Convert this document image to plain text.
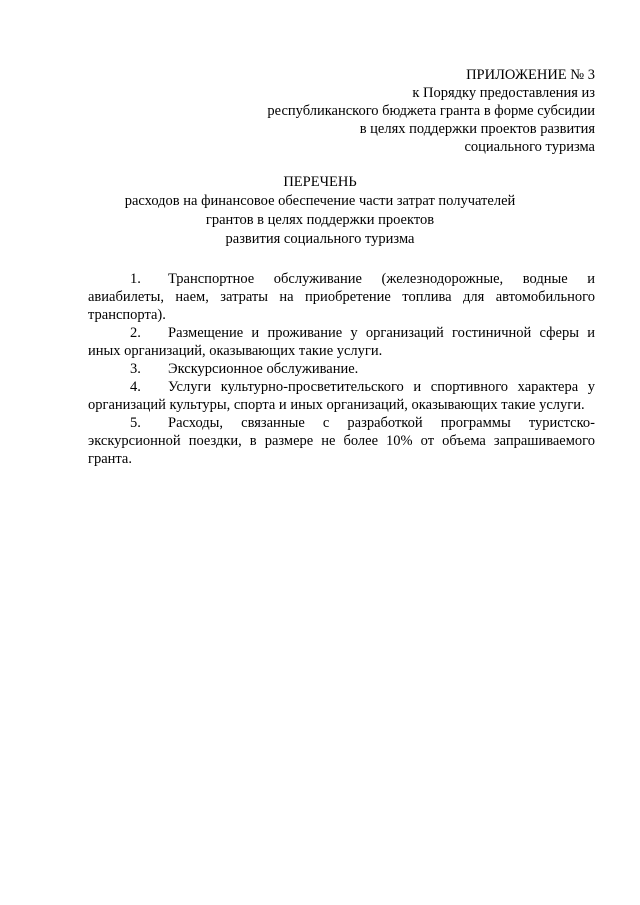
ПРИЛОЖЕНИЕ № 3
к Порядку предоставления из
республиканского бюджета гранта в форме субсидии
в целях поддержки проектов развития
социального туризма
ПЕРЕЧЕНЬ
расходов на финансовое обеспечение части затрат получателей
грантов в целях поддержки проектов
развития социального туризма

1. Транспортное обслуживание (железнодорожные, водные и авиабилеты, наем, затраты на приобретение топлива для автомобильного транспорта).

2. Размещение и проживание у организаций гостиничной сферы и иных организаций, оказывающих такие услуги.

3. Экскурсионное обслуживание.

4. Услуги культурно-просветительского и спортивного характера у организаций культуры, спорта и иных организаций, оказывающих такие услуги.

5. Расходы, связанные с разработкой программы туристско-экскурсионной поездки, в размере не более 10% от объема запрашиваемого гранта.
